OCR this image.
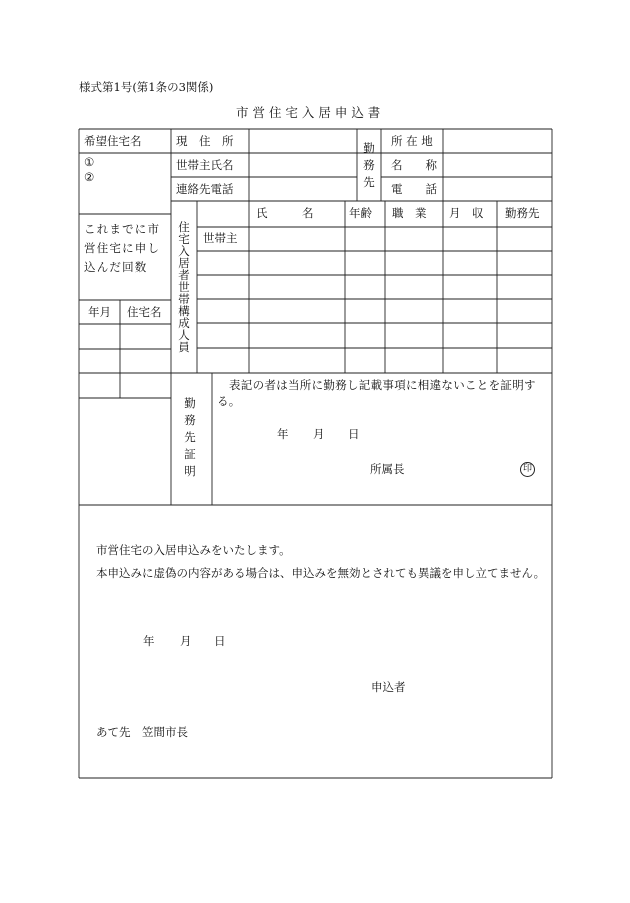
様式第1号(第1条の3関係)
市 営 住 宅 入 居 申 込 書
希望住宅名
①
②
現　住　所
世帯主氏名
連絡先電話
勤
務
先
所 在 地
名　　称
電　　話
これまでに市営住宅に申し込んだ回数
年月 住宅名
住
宅
入
居
者
世
帯
構
成
人
員
氏　　　名	年齢 職　業 月　収 勤務先
世帯主
勤
務
先
証
明
表記の者は当所に勤務し記載事項に相違ないことを証明する。
年 月 日
所属長	印
市営住宅の入居申込みをいたします。
本申込みに虚偽の内容がある場合は、申込みを無効とされても異議を申し立てません。
年 月 日
申込者
あて先　笠間市長
